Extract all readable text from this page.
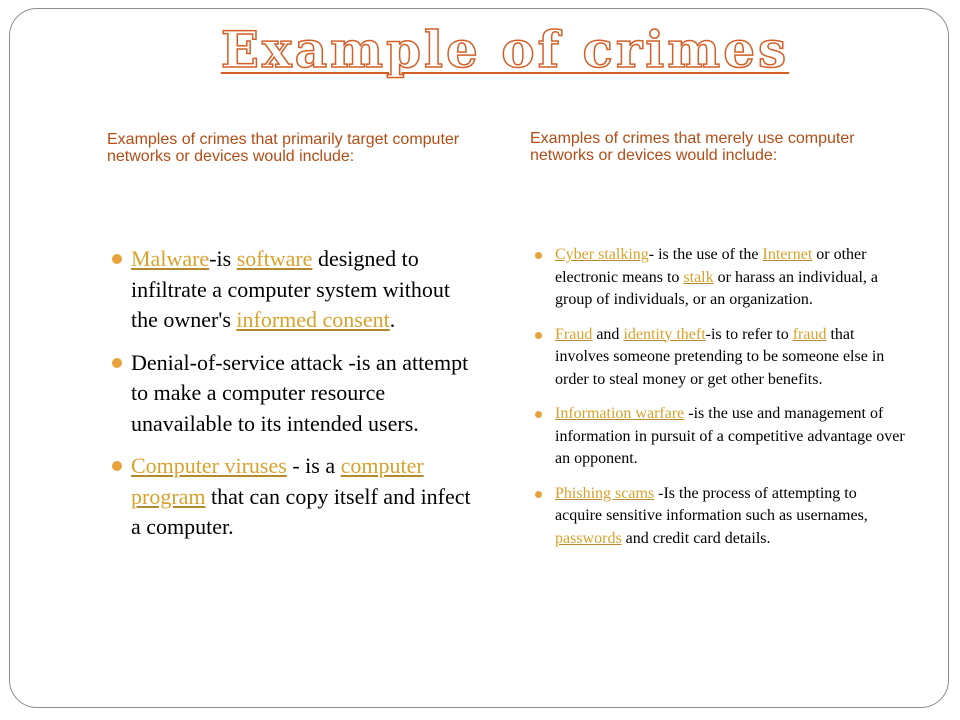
Example of crimes
Examples of crimes that primarily target computer networks or devices would include:
Examples of crimes that merely use computer networks or devices would include:
Malware-is software designed to infiltrate a computer system without the owner's informed consent.
Denial-of-service attack -is an attempt to make a computer resource unavailable to its intended users.
Computer viruses - is a computer program that can copy itself and infect a computer.
Cyber stalking- is the use of the Internet or other electronic means to stalk or harass an individual, a group of individuals, or an organization.
Fraud and identity theft-is to refer to fraud that involves someone pretending to be someone else in order to steal money or get other benefits.
Information warfare -is the use and management of information in pursuit of a competitive advantage over an opponent.
Phishing scams -Is the process of attempting to acquire sensitive information such as usernames, passwords and credit card details.
